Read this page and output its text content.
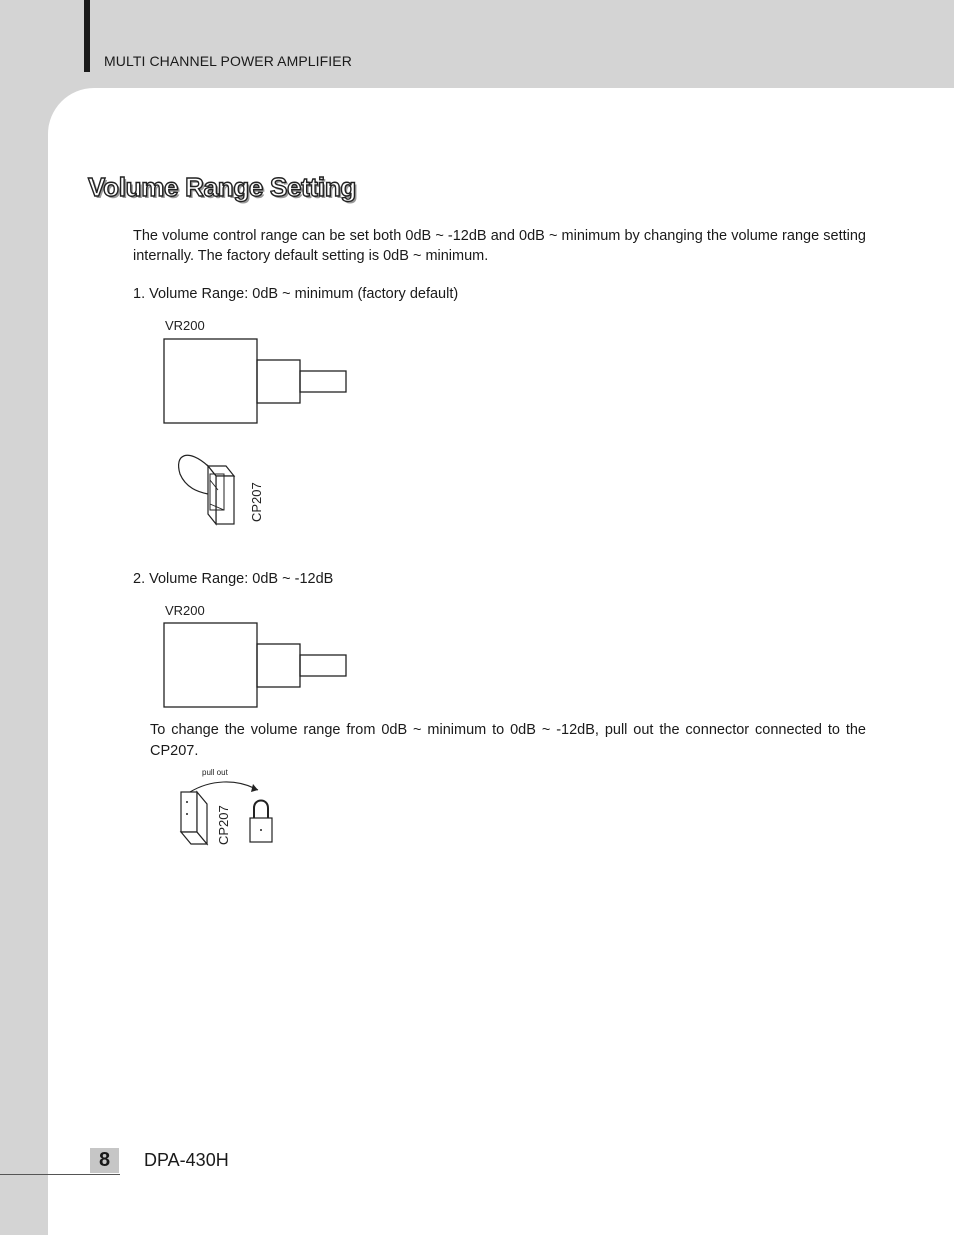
MULTI CHANNEL POWER AMPLIFIER
Volume Range Setting
The volume control range can be set both 0dB ~ -12dB and 0dB ~ minimum by changing the volume range setting internally. The factory default setting is 0dB ~ minimum.
1. Volume Range: 0dB ~ minimum (factory default)
VR200
CP207
2. Volume Range: 0dB ~ -12dB
VR200
To change the volume range from 0dB ~ minimum to 0dB ~ -12dB, pull out the connector connected to the CP207.
pull out
CP207
8	DPA-430H
